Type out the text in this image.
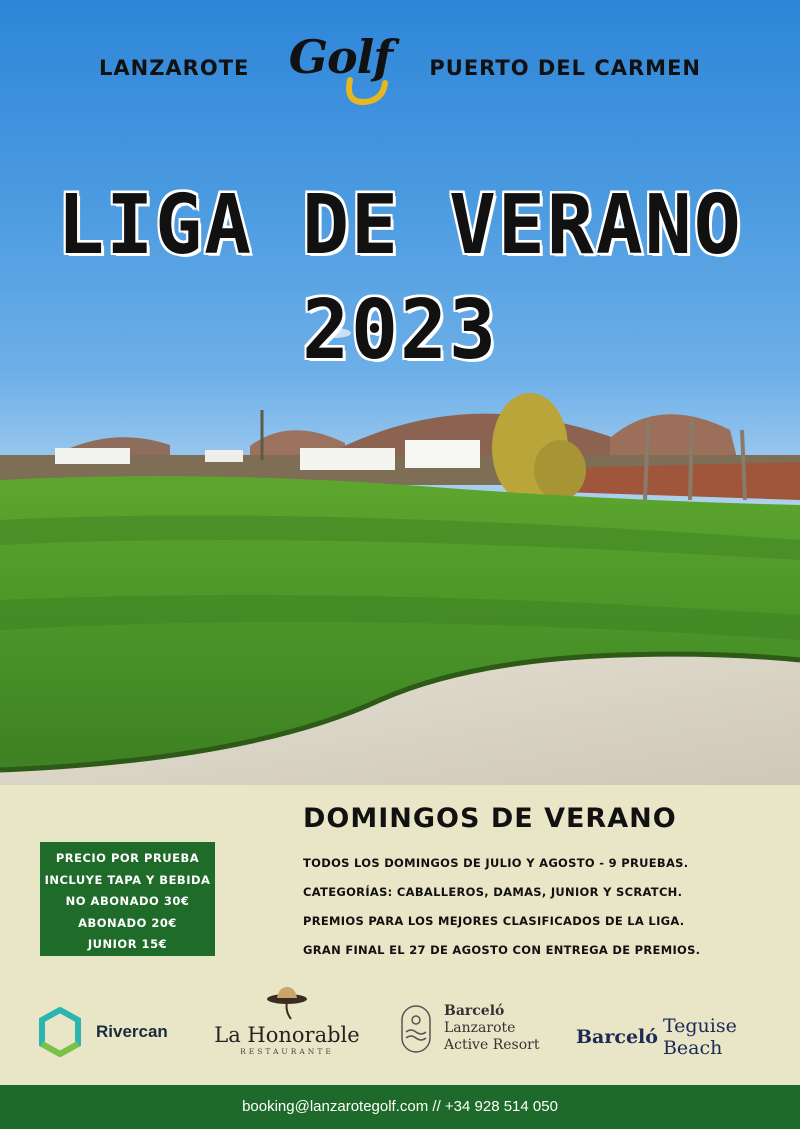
LANZAROTE Golf	PUERTO DEL CARMEN
LIGA DE VERANO 2023
PRECIO POR PRUEBA
INCLUYE TAPA Y BEBIDA
NO ABONADO 30€
ABONADO 20€
JUNIOR 15€
DOMINGOS DE VERANO
TODOS LOS DOMINGOS DE JULIO Y AGOSTO - 9 PRUEBAS.
CATEGORÍAS: CABALLEROS, DAMAS, JUNIOR Y SCRATCH.
PREMIOS PARA LOS MEJORES CLASIFICADOS DE LA LIGA.
GRAN FINAL EL 27 DE AGOSTO CON ENTREGA DE PREMIOS.
Rivercan La Honorable
RESTAURANTE
Barceló
Lanzarote
Active Resort Barceló Teguise Beach
booking@lanzarotegolf.com // +34 928 514 050
